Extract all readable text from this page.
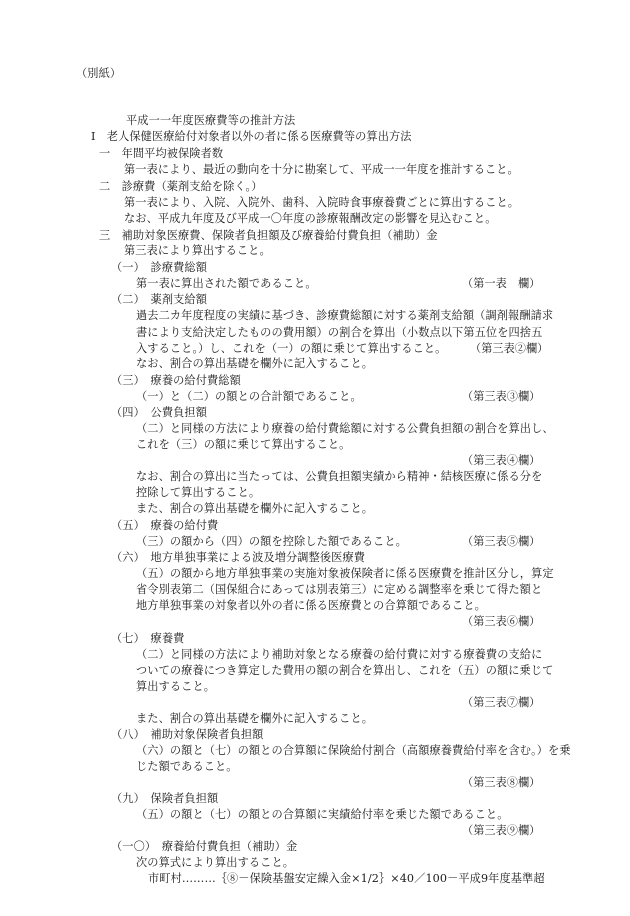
（別紙）
平成一一年度医療費等の推計方法
Ⅰ　老人保健医療給付対象者以外の者に係る医療費等の算出方法
一　年間平均被保険者数
第一表により、最近の動向を十分に勘案して、平成一一年度を推計すること。
二　診療費（薬剤支給を除く。）
第一表により、入院、入院外、歯科、入院時食事療養費ごとに算出すること。
なお、平成九年度及び平成一〇年度の診療報酬改定の影響を見込むこと。
三　補助対象医療費、保険者負担額及び療養給付費負担（補助）金
第三表により算出すること。
（一）　診療費総額
第一表に算出された額であること。	（第一表　欄）
（二）　薬剤支給額
過去二カ年度程度の実績に基づき、診療費総額に対する薬剤支給額（調剤報酬請求
書により支給決定したものの費用額）の割合を算出（小数点以下第五位を四捨五
入すること。）し、これを（一）の額に乗じて算出すること。 （第三表②欄）
なお、割合の算出基礎を欄外に記入すること。
（三）　療養の給付費総額
（一）と（二）の額との合計額であること。	（第三表③欄）
（四）　公費負担額
（二）と同様の方法により療養の給付費総額に対する公費負担額の割合を算出し、
これを（三）の額に乗じて算出すること。
（第三表④欄）
なお、割合の算出に当たっては、公費負担額実績から精神・結核医療に係る分を
控除して算出すること。
また、割合の算出基礎を欄外に記入すること。
（五）　療養の給付費
（三）の額から（四）の額を控除した額であること。	（第三表⑤欄）
（六）　地方単独事業による波及増分調整後医療費
（五）の額から地方単独事業の実施対象被保険者に係る医療費を推計区分し，算定
省令別表第二（国保組合にあっては別表第三）に定める調整率を乗じて得た額と
地方単独事業の対象者以外の者に係る医療費との合算額であること。
（第三表⑥欄）
（七）　療養費
（二）と同様の方法により補助対象となる療養の給付費に対する療養費の支給に
ついての療養につき算定した費用の額の割合を算出し、これを（五）の額に乗じて
算出すること。
（第三表⑦欄）
また、割合の算出基礎を欄外に記入すること。
（八）　補助対象保険者負担額
（六）の額と（七）の額との合算額に保険給付割合（高額療養費給付率を含む。）を乗
じた額であること。
（第三表⑧欄）
（九）　保険者負担額
（五）の額と（七）の額との合算額に実績給付率を乗じた額であること。
（第三表⑨欄）
（一〇）　療養給付費負担（補助）金
次の算式により算出すること。
市町村………｛⑧－保険基盤安定繰入金×1/2｝×40／100－平成9年度基準超
